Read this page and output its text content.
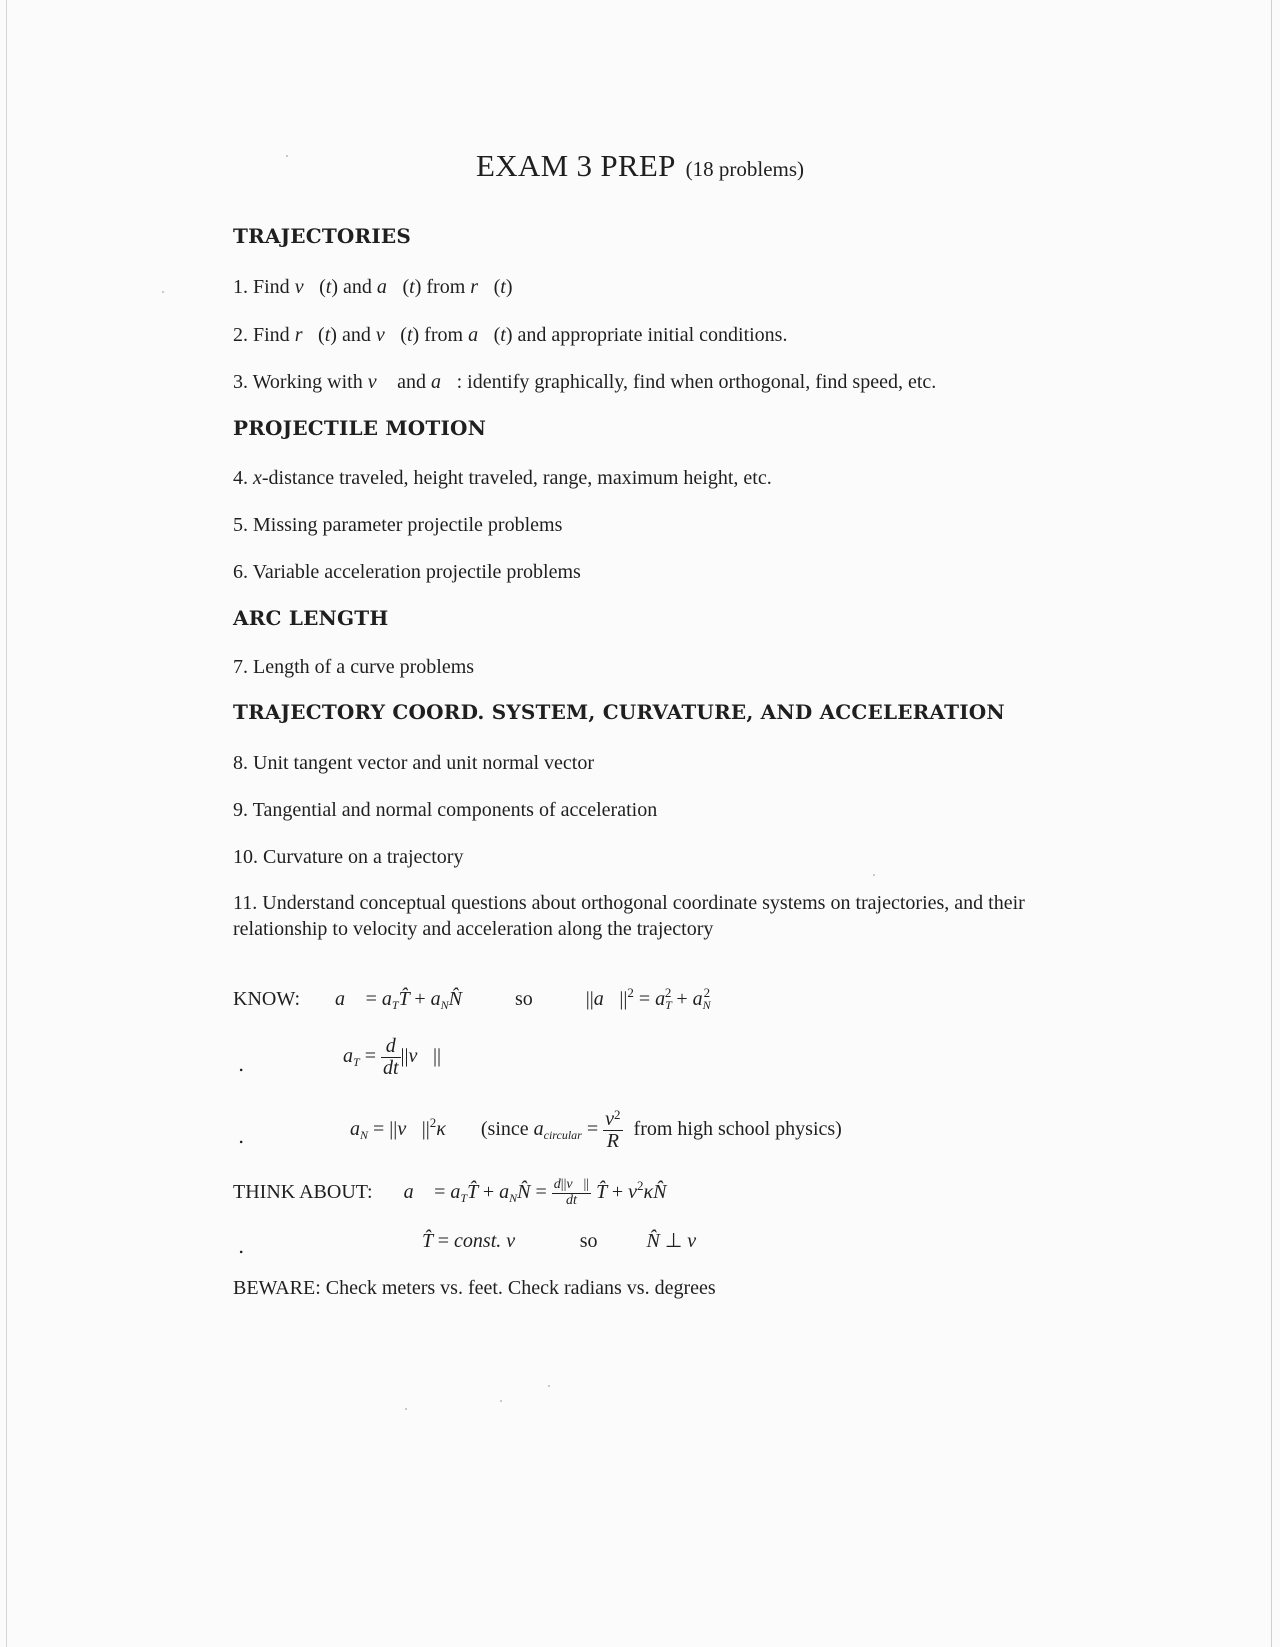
EXAM 3 PREP (18 problems)
TRAJECTORIES
1. Find v⃗(t) and a⃗(t) from r⃗(t)
2. Find r⃗(t) and v⃗(t) from a⃗(t) and appropriate initial conditions.
3. Working with v⃗ and a⃗: identify graphically, find when orthogonal, find speed, etc.
PROJECTILE MOTION
4. x-distance traveled, height traveled, range, maximum height, etc.
5. Missing parameter projectile problems
6. Variable acceleration projectile problems
ARC LENGTH
7. Length of a curve problems
TRAJECTORY COORD. SYSTEM, CURVATURE, AND ACCELERATION
8. Unit tangent vector and unit normal vector
9. Tangential and normal components of acceleration
10. Curvature on a trajectory
11. Understand conceptual questions about orthogonal coordinate systems on trajectories, and their relationship to velocity and acceleration along the trajectory
KNOW: a⃗ = $a_TT̂$ + $a_NN̂$	so	$||a⃗||^2 = a_T^2 + a_N^2$
.	$a_T = \frac{d}{dt}$ ||v⃗||
.	$a_N$ = $||v⃗||^2\kappa$ (since $a_{circular} = \frac{v^2}{R}$ from high school physics)
THINK ABOUT: a⃗ = $a_TT̂$ + $a_NN̂ = \frac{d||v⃗||}{dt}$ T̂ + $v^2\kappa N̂$
.	T̂ = const. v⃗ so N̂ ⊥ v⃗
BEWARE: Check meters vs. feet. Check radians vs. degrees
